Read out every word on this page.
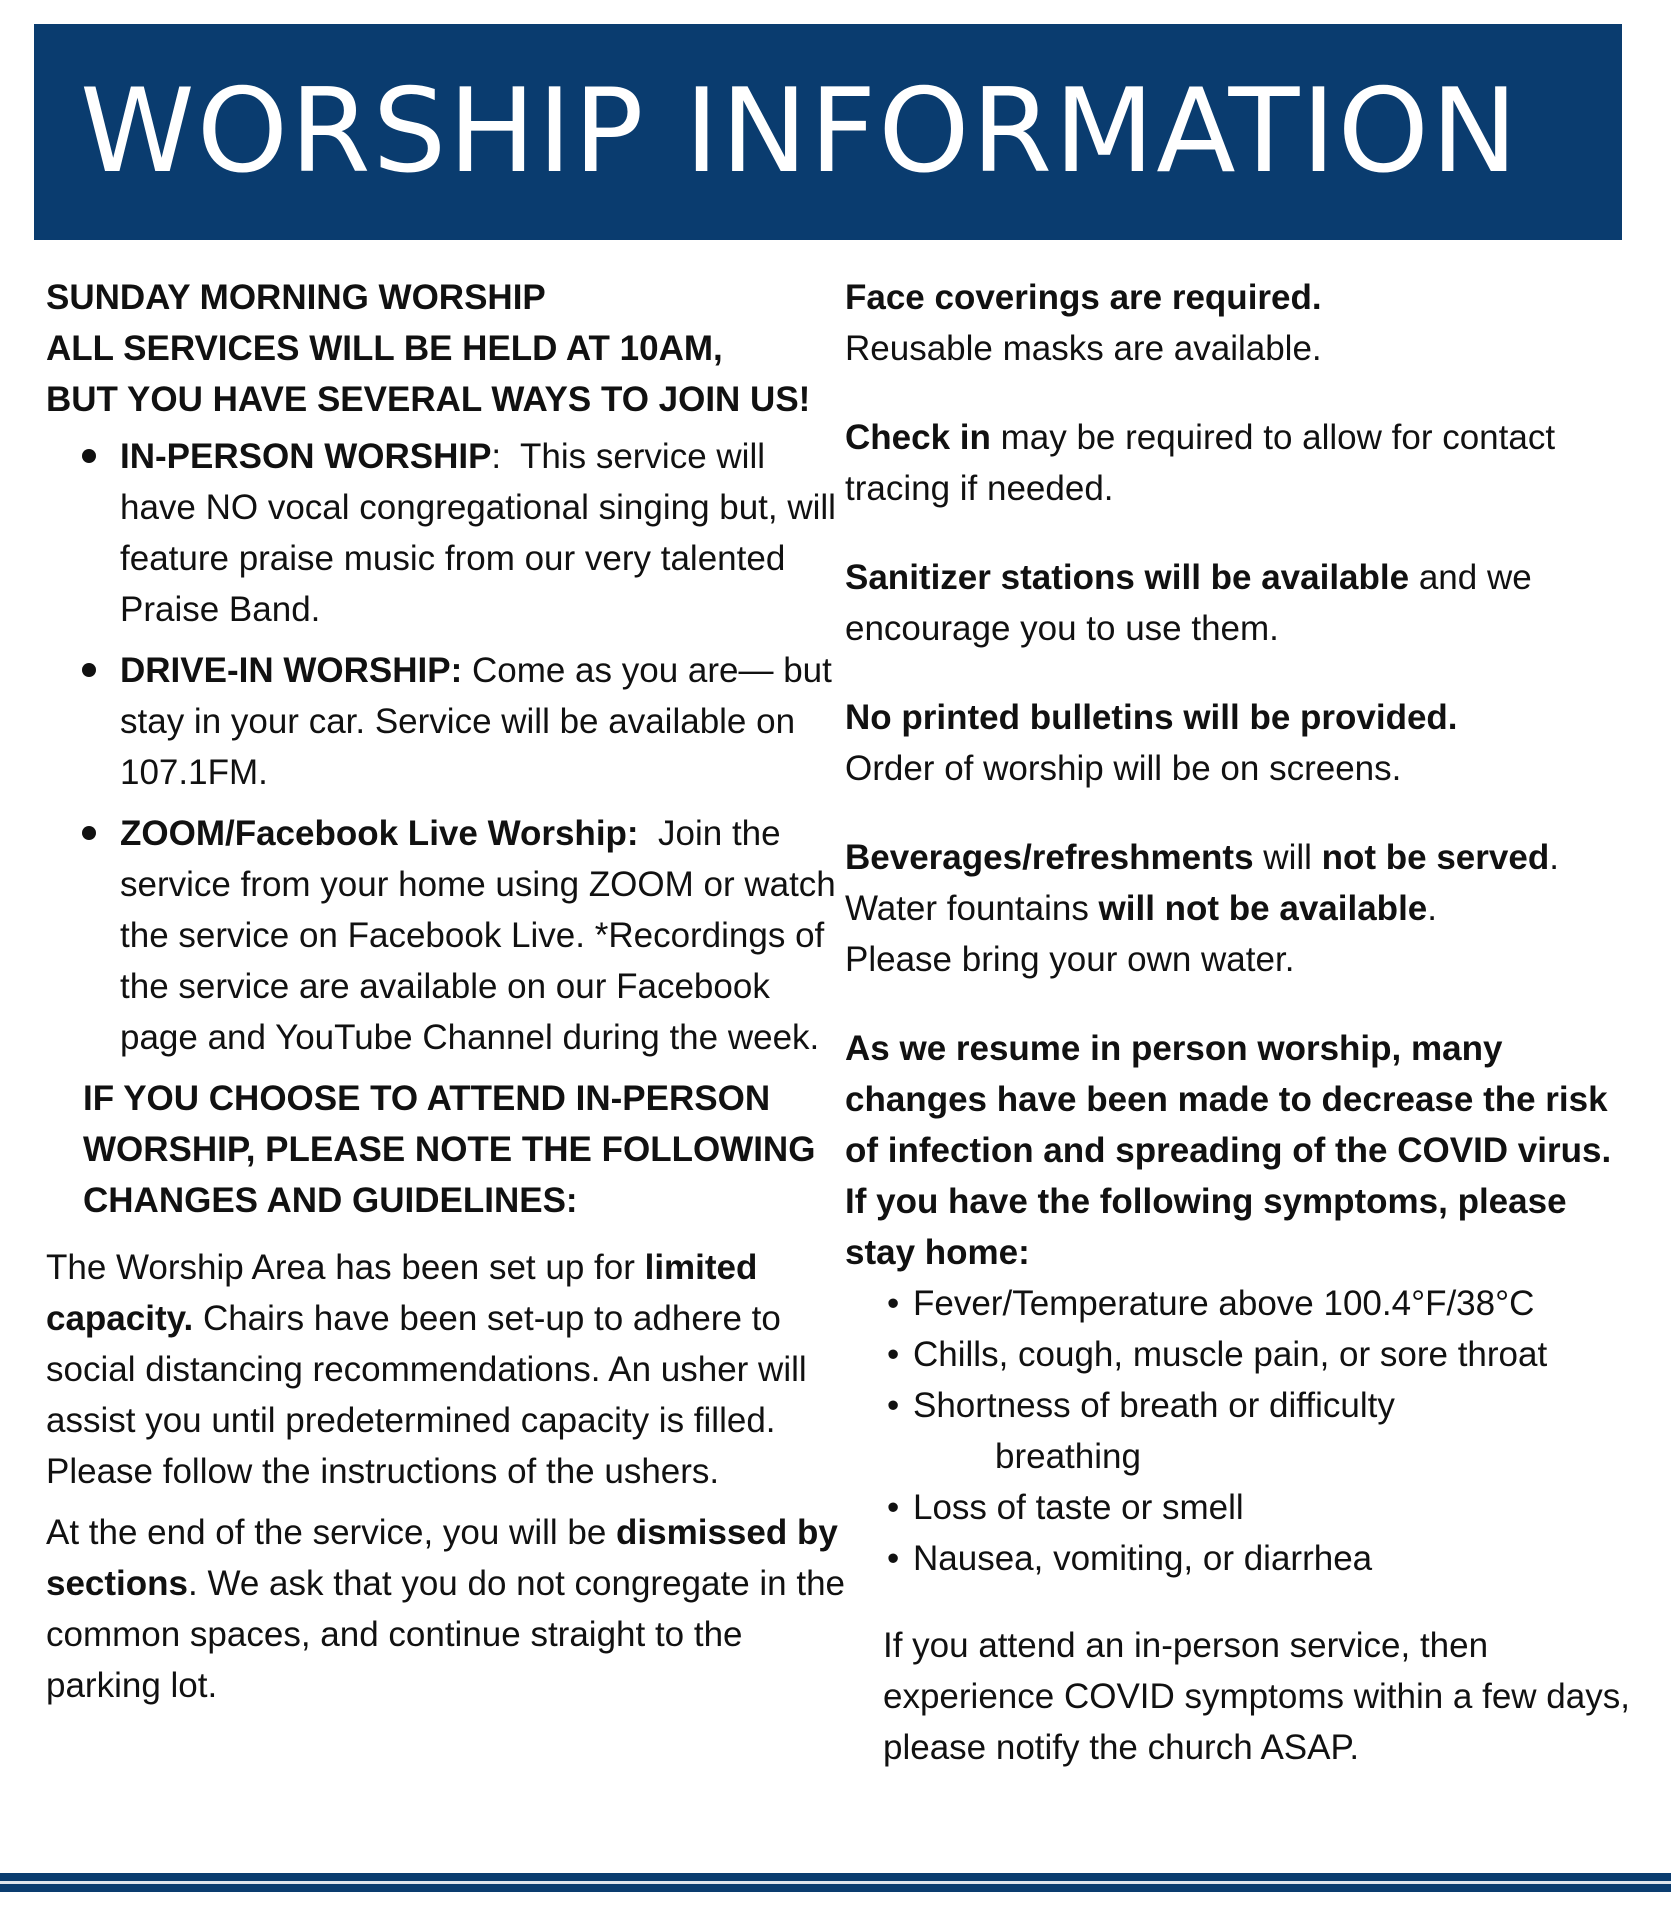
WORSHIP INFORMATION

SUNDAY MORNING WORSHIP

ALL SERVICES WILL BE HELD AT 10AM,

BUT YOU HAVE SEVERAL WAYS TO JOIN US!

IN-PERSON WORSHIP:  This service will have NO vocal congregational singing but, will feature praise music from our very talented Praise Band.
DRIVE-IN WORSHIP: Come as you are— but stay in your car. Service will be available on 107.1FM.
ZOOM/Facebook Live Worship: Join the service from your home using ZOOM or watch the service on Facebook Live. *Recordings of the service are available on our Facebook page and YouTube Channel during the week.

IF YOU CHOOSE TO ATTEND IN-PERSON WORSHIP, PLEASE NOTE THE FOLLOWING CHANGES AND GUIDELINES:

The Worship Area has been set up for limited capacity. Chairs have been set-up to adhere to social distancing recommendations. An usher will assist you until predetermined capacity is filled. Please follow the instructions of the ushers.

At the end of the service, you will be dismissed by sections. We ask that you do not congregate in the common spaces, and continue straight to the parking lot.

Face coverings are required.

Reusable masks are available.

Check in may be required to allow for contact tracing if needed.

Sanitizer stations will be available and we encourage you to use them.

No printed bulletins will be provided.

Order of worship will be on screens.

Beverages/refreshments will not be served.

Water fountains will not be available.

Please bring your own water.

As we resume in person worship, many changes have been made to decrease the risk of infection and spreading of the COVID virus. If you have the following symptoms, please stay home:

• Fever/Temperature above 100.4°F/38°C
• Chills, cough, muscle pain, or sore throat
• Shortness of breath or difficulty
breathing
• Loss of taste or smell
• Nausea, vomiting, or diarrhea

If you attend an in-person service, then experience COVID symptoms within a few days, please notify the church ASAP.
